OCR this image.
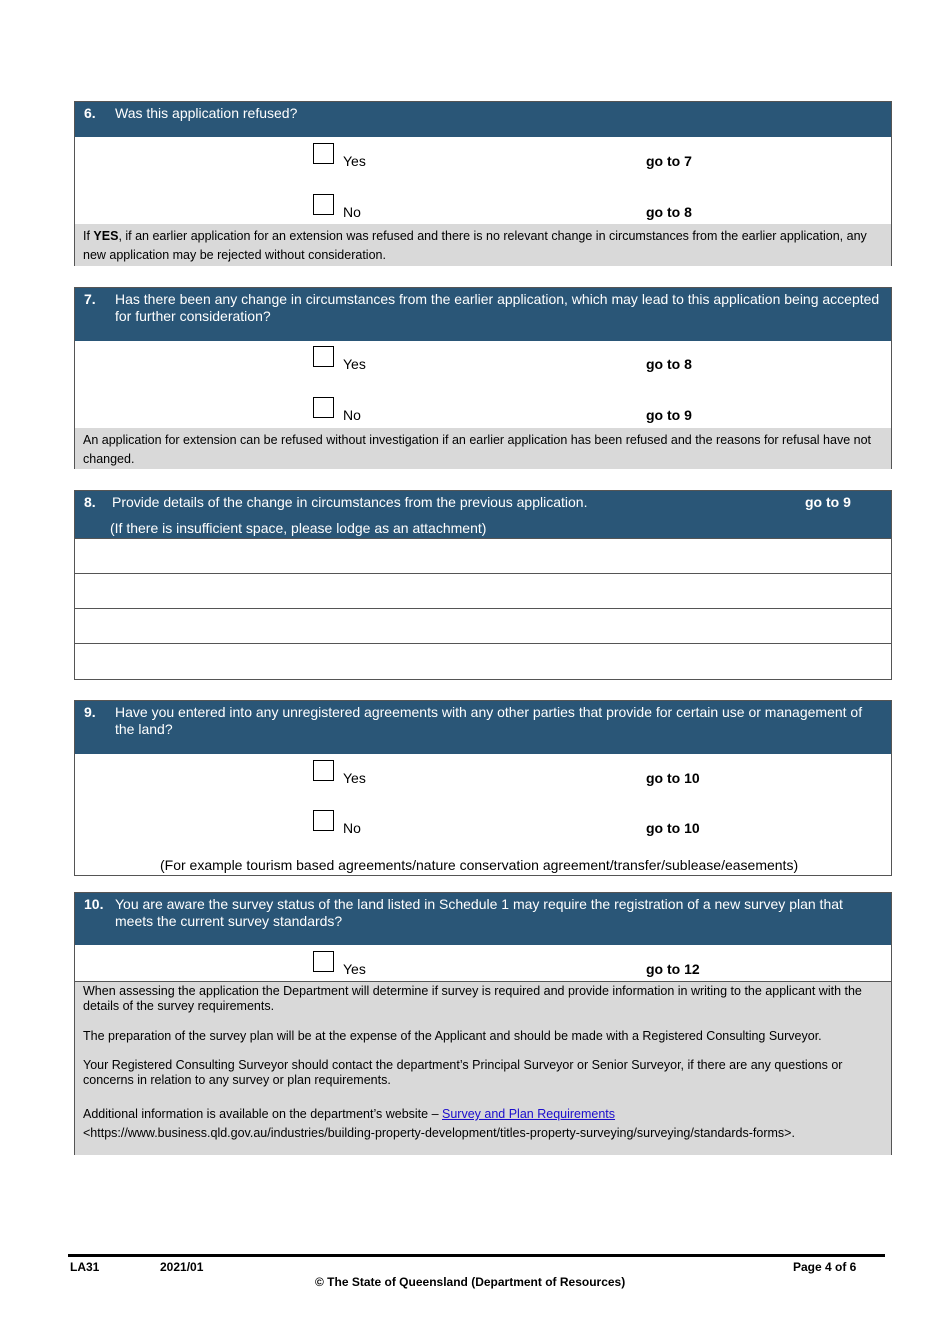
6. Was this application refused?
Yes	go to 7
No	go to 8
If YES, if an earlier application for an extension was refused and there is no relevant change in circumstances from the earlier application, any new application may be rejected without consideration.
7. Has there been any change in circumstances from the earlier application, which may lead to this application being accepted for further consideration?
Yes	go to 8
No	go to 9
An application for extension can be refused without investigation if an earlier application has been refused and the reasons for refusal have not changed.
8. Provide details of the change in circumstances from the previous application.	go to 9
(If there is insufficient space, please lodge as an attachment)
9. Have you entered into any unregistered agreements with any other parties that provide for certain use or management of the land?
Yes	go to 10
No	go to 10
(For example tourism based agreements/nature conservation agreement/transfer/sublease/easements)
10. You are aware the survey status of the land listed in Schedule 1 may require the registration of a new survey plan that meets the current survey standards?
Yes	go to 12
When assessing the application the Department will determine if survey is required and provide information in writing to the applicant with the details of the survey requirements.
The preparation of the survey plan will be at the expense of the Applicant and should be made with a Registered Consulting Surveyor.
Your Registered Consulting Surveyor should contact the department’s Principal Surveyor or Senior Surveyor, if there are any questions or concerns in relation to any survey or plan requirements.
Additional information is available on the department’s website – Survey and Plan Requirements
<https://www.business.qld.gov.au/industries/building-property-development/titles-property-surveying/surveying/standards-forms>.
LA31	2021/01	Page 4 of 6
© The State of Queensland (Department of Resources)
